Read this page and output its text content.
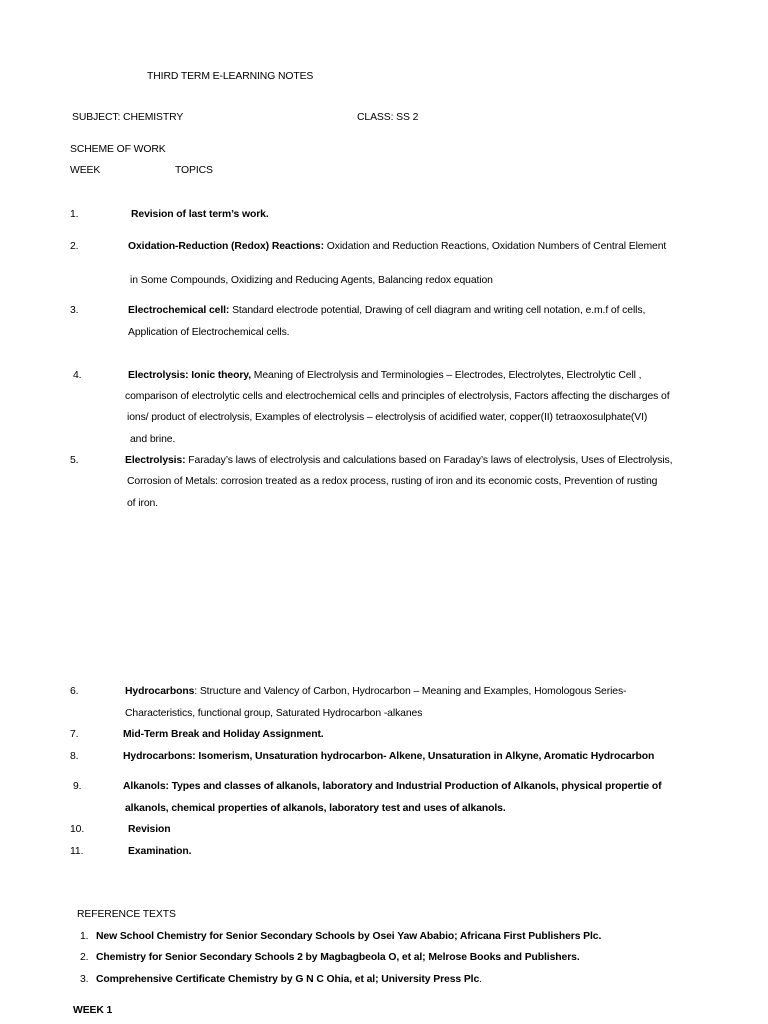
THIRD TERM E-LEARNING NOTES
SUBJECT: CHEMISTRY	CLASS: SS 2
SCHEME OF WORK
WEEK	TOPICS
1.	Revision of last term’s work.
2.	Oxidation-Reduction (Redox) Reactions: Oxidation and Reduction Reactions, Oxidation Numbers of Central Element
in Some Compounds, Oxidizing and Reducing Agents, Balancing redox equation
3.	Electrochemical cell: Standard electrode potential, Drawing of cell diagram and writing cell notation, e.m.f of cells,
Application of Electrochemical cells.
4.	Electrolysis: Ionic theory, Meaning of Electrolysis and Terminologies – Electrodes, Electrolytes, Electrolytic Cell ,
comparison of electrolytic cells and electrochemical cells and principles of electrolysis, Factors affecting the discharges of
ions/ product of electrolysis, Examples of electrolysis – electrolysis of acidified water, copper(II) tetraoxosulphate(VI)
and brine.
5.	Electrolysis: Faraday’s laws of electrolysis and calculations based on Faraday’s laws of electrolysis, Uses of Electrolysis,
Corrosion of Metals: corrosion treated as a redox process, rusting of iron and its economic costs, Prevention of rusting
of iron.
6.	Hydrocarbons: Structure and Valency of Carbon, Hydrocarbon – Meaning and Examples, Homologous Series-
Characteristics, functional group, Saturated Hydrocarbon -alkanes
7.	Mid-Term Break and Holiday Assignment.
8.	Hydrocarbons: Isomerism, Unsaturation hydrocarbon- Alkene, Unsaturation in Alkyne, Aromatic Hydrocarbon
9.	Alkanols: Types and classes of alkanols, laboratory and Industrial Production of Alkanols, physical propertie of
alkanols, chemical properties of alkanols, laboratory test and uses of alkanols.
10.	Revision
11.	Examination.
REFERENCE TEXTS
1. New School Chemistry for Senior Secondary Schools by Osei Yaw Ababio; Africana First Publishers Plc.
2. Chemistry for Senior Secondary Schools 2 by Magbagbeola O, et al; Melrose Books and Publishers.
3. Comprehensive Certificate Chemistry by G N C Ohia, et al; University Press Plc.
WEEK 1
